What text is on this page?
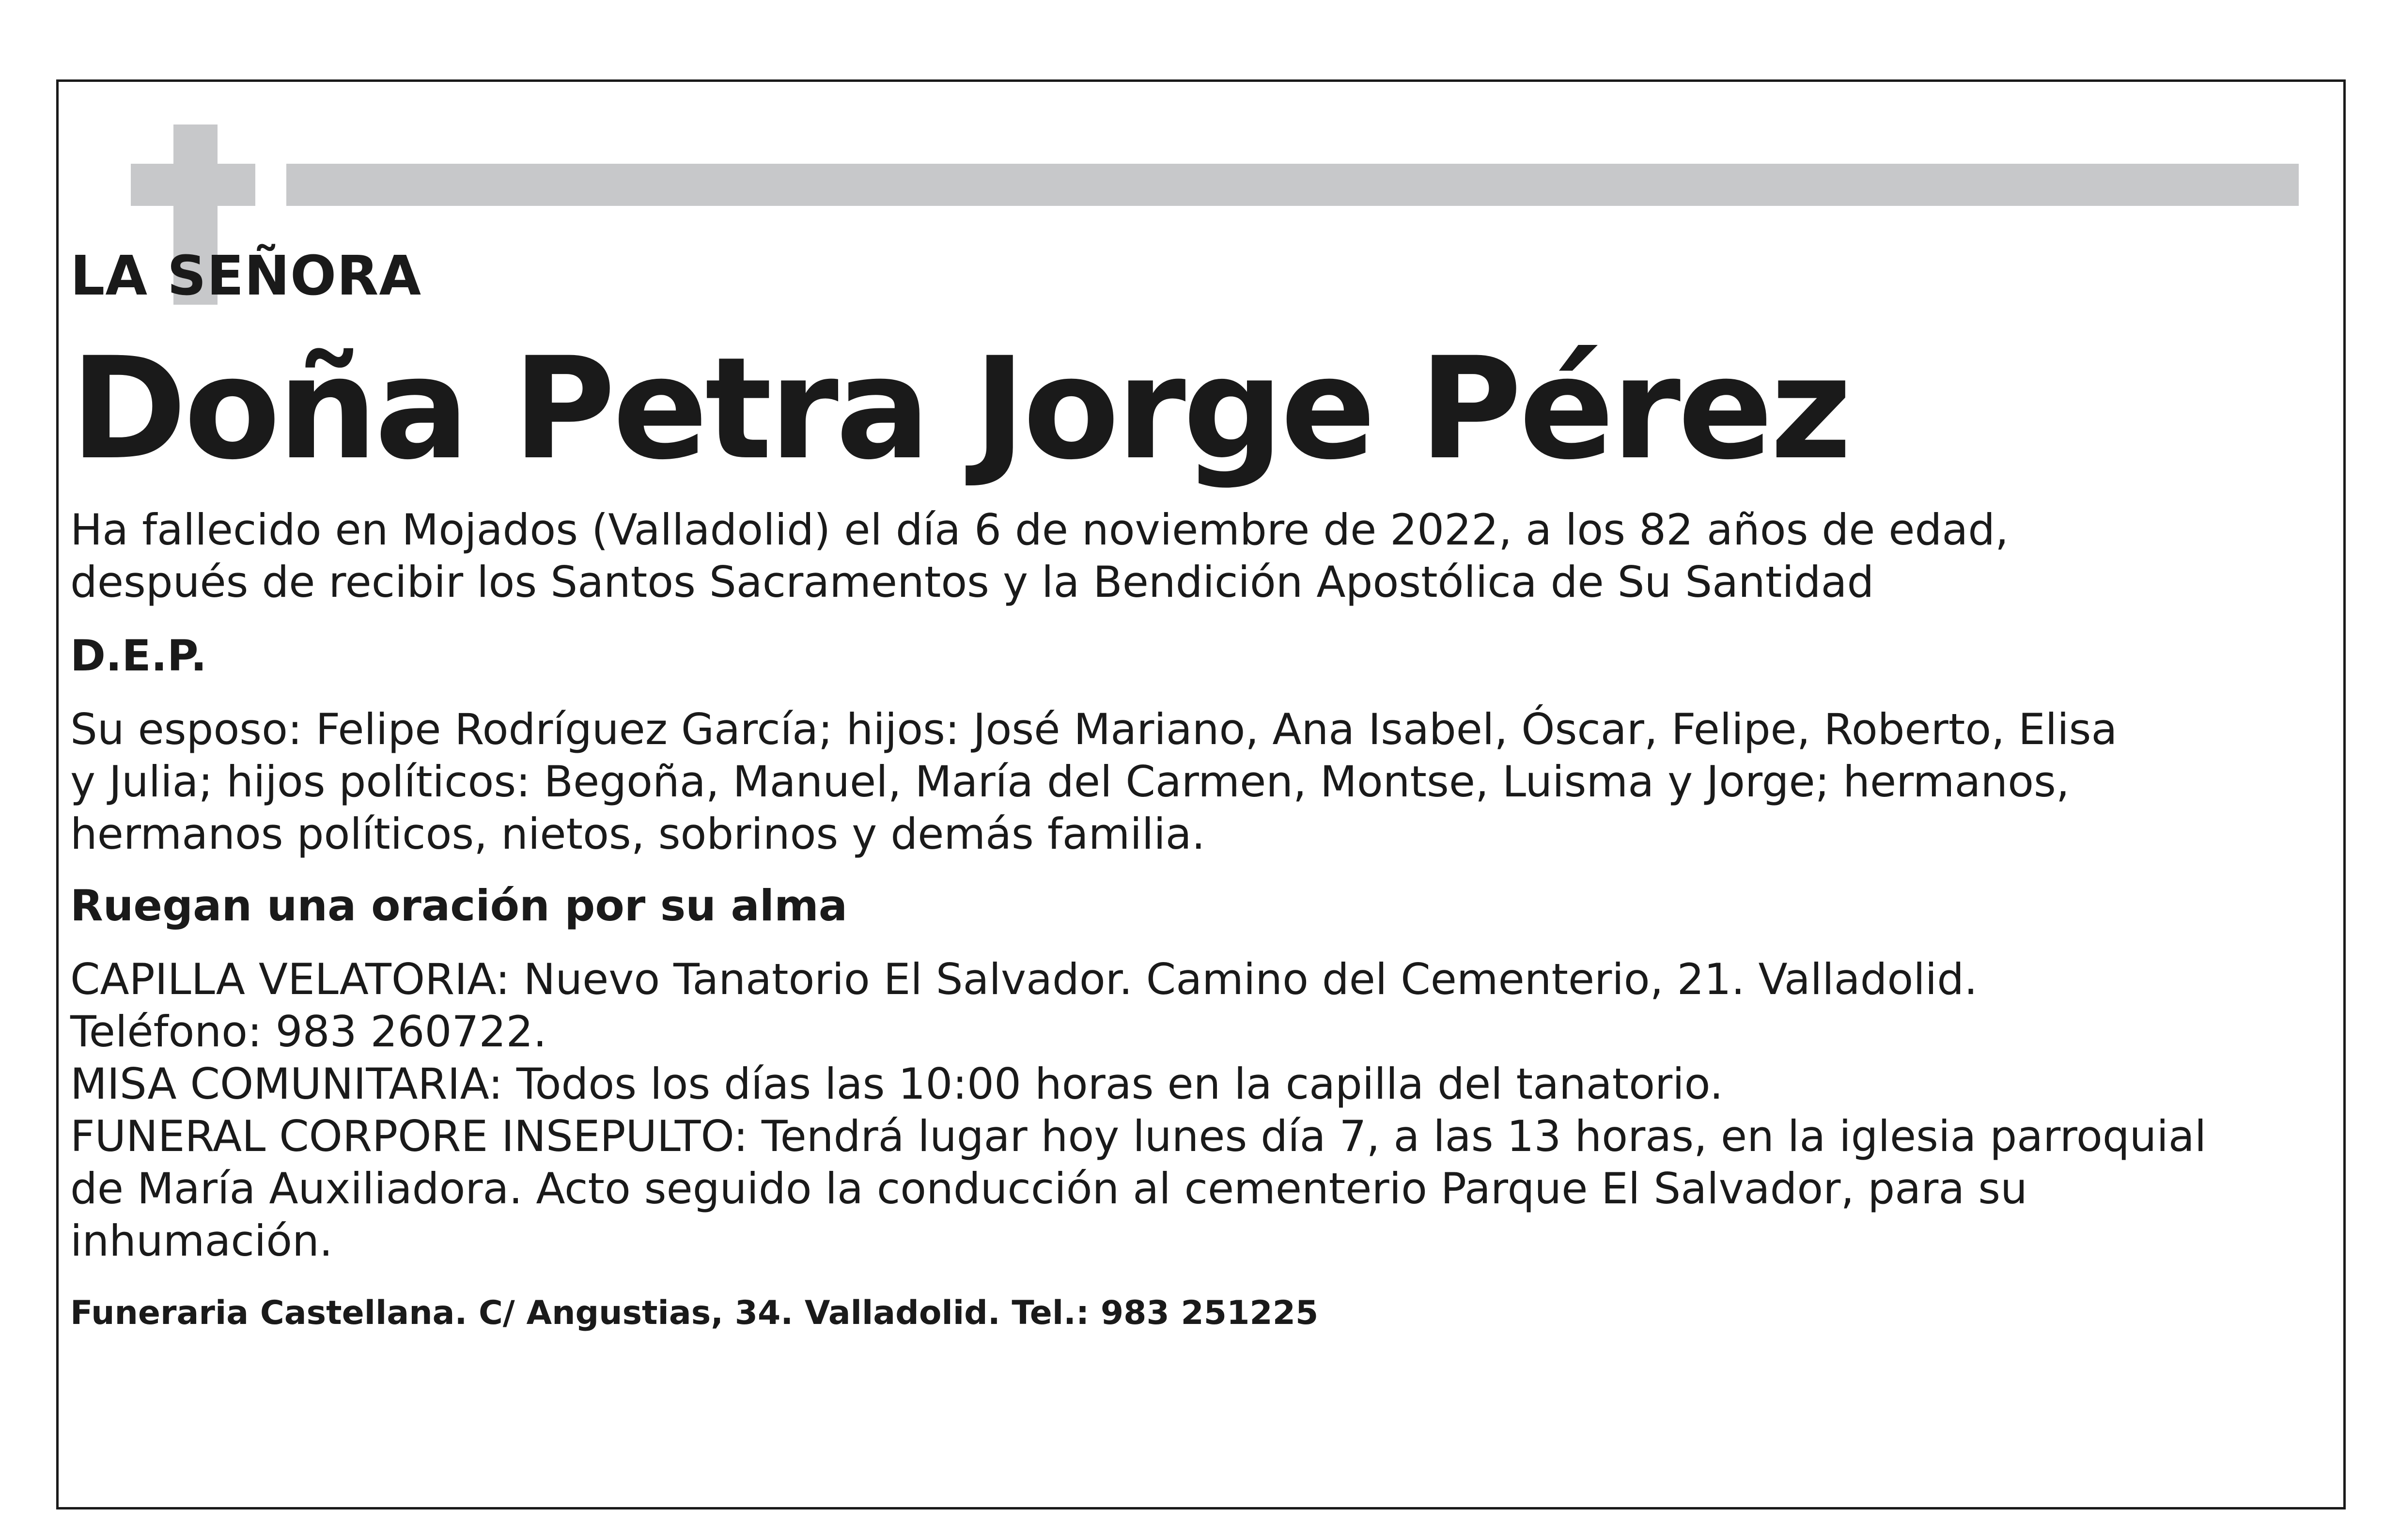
LA SEÑORA
Doña Petra Jorge Pérez
Ha fallecido en Mojados (Valladolid) el día 6 de noviembre de 2022, a los 82 años de edad,
después de recibir los Santos Sacramentos y la Bendición Apostólica de Su Santidad
D.E.P.
Su esposo: Felipe Rodríguez García; hijos: José Mariano, Ana Isabel, Óscar, Felipe, Roberto, Elisa
y Julia; hijos políticos: Begoña, Manuel, María del Carmen, Montse, Luisma y Jorge; hermanos,
hermanos políticos, nietos, sobrinos y demás familia.
Ruegan una oración por su alma
CAPILLA VELATORIA: Nuevo Tanatorio El Salvador. Camino del Cementerio, 21. Valladolid.
Teléfono: 983 260722.
MISA COMUNITARIA: Todos los días las 10:00 horas en la capilla del tanatorio.
FUNERAL CORPORE INSEPULTO: Tendrá lugar hoy lunes día 7, a las 13 horas, en la iglesia parroquial
de María Auxiliadora. Acto seguido la conducción al cementerio Parque El Salvador, para su
inhumación.
Funeraria Castellana. C/ Angustias, 34. Valladolid. Tel.: 983 251225
